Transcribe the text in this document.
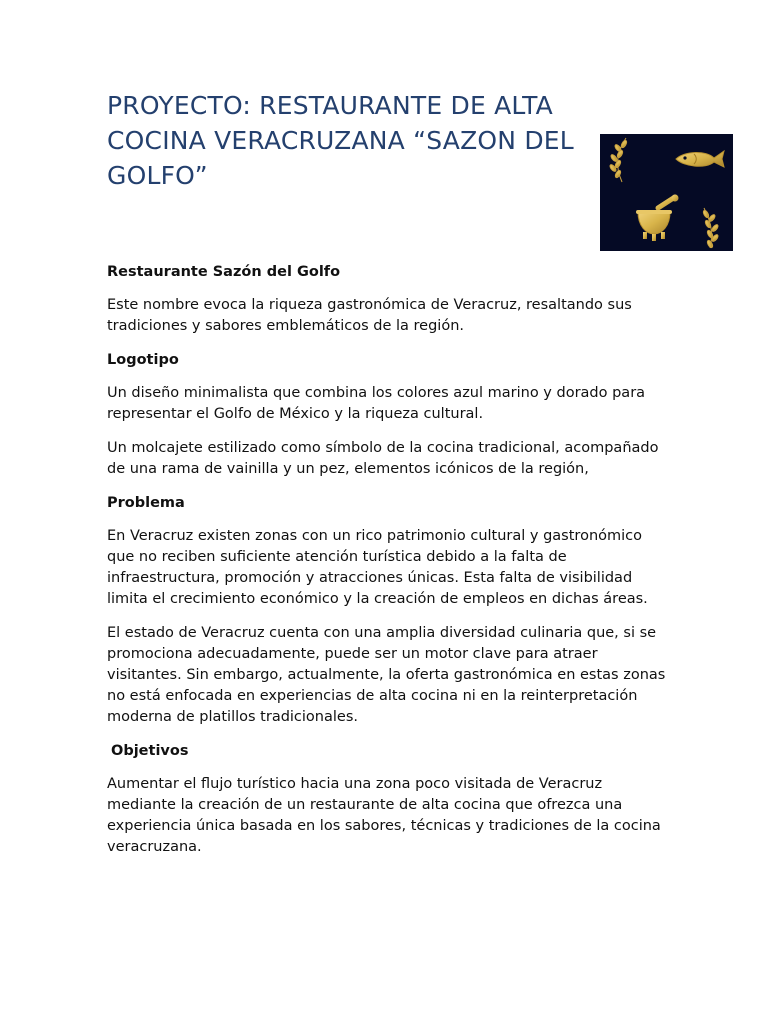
PROYECTO: RESTAURANTE DE ALTA COCINA VERACRUZANA “SAZON DEL GOLFO”
Restaurante Sazón del Golfo

Este nombre evoca la riqueza gastronómica de Veracruz, resaltando sus tradiciones y sabores emblemáticos de la región.

Logotipo

Un diseño minimalista que combina los colores azul marino y dorado para representar el Golfo de México y la riqueza cultural.

Un molcajete estilizado como símbolo de la cocina tradicional, acompañado de una rama de vainilla y un pez, elementos icónicos de la región,

Problema

En Veracruz existen zonas con un rico patrimonio cultural y gastronómico que no reciben suficiente atención turística debido a la falta de infraestructura, promoción y atracciones únicas. Esta falta de visibilidad limita el crecimiento económico y la creación de empleos en dichas áreas.

El estado de Veracruz cuenta con una amplia diversidad culinaria que, si se promociona adecuadamente, puede ser un motor clave para atraer visitantes. Sin embargo, actualmente, la oferta gastronómica en estas zonas no está enfocada en experiencias de alta cocina ni en la reinterpretación moderna de platillos tradicionales.

Objetivos

Aumentar el flujo turístico hacia una zona poco visitada de Veracruz mediante la creación de un restaurante de alta cocina que ofrezca una experiencia única basada en los sabores, técnicas y tradiciones de la cocina veracruzana.
